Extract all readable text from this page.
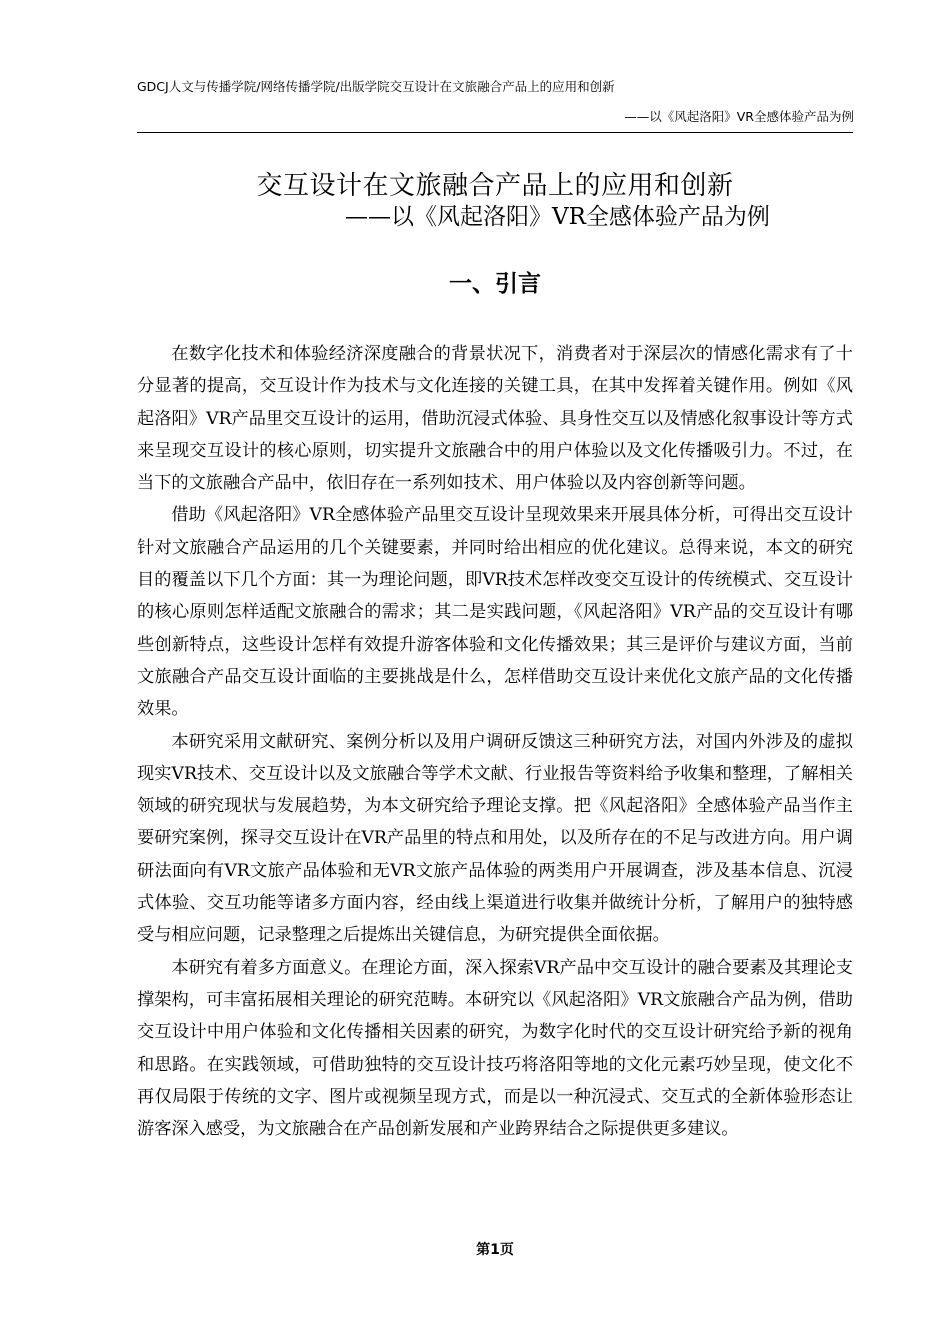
GDCJ人文与传播学院/网络传播学院/出版学院交互设计在文旅融合产品上的应用和创新
——以《风起洛阳》VR全感体验产品为例
交互设计在文旅融合产品上的应用和创新
——以《风起洛阳》VR全感体验产品为例
一、引言

在数字化技术和体验经济深度融合的背景状况下，消费者对于深层次的情感化需求有了十分显著的提高，交互设计作为技术与文化连接的关键工具，在其中发挥着关键作用。例如《风起洛阳》VR产品里交互设计的运用，借助沉浸式体验、具身性交互以及情感化叙事设计等方式来呈现交互设计的核心原则，切实提升文旅融合中的用户体验以及文化传播吸引力。不过，在当下的文旅融合产品中，依旧存在一系列如技术、用户体验以及内容创新等问题。

借助《风起洛阳》VR全感体验产品里交互设计呈现效果来开展具体分析，可得出交互设计针对文旅融合产品运用的几个关键要素，并同时给出相应的优化建议。总得来说，本文的研究目的覆盖以下几个方面：其一为理论问题，即VR技术怎样改变交互设计的传统模式、交互设计的核心原则怎样适配文旅融合的需求；其二是实践问题，《风起洛阳》VR产品的交互设计有哪些创新特点，这些设计怎样有效提升游客体验和文化传播效果；其三是评价与建议方面，当前文旅融合产品交互设计面临的主要挑战是什么，怎样借助交互设计来优化文旅产品的文化传播效果。

本研究采用文献研究、案例分析以及用户调研反馈这三种研究方法，对国内外涉及的虚拟现实VR技术、交互设计以及文旅融合等学术文献、行业报告等资料给予收集和整理，了解相关领域的研究现状与发展趋势，为本文研究给予理论支撑。把《风起洛阳》全感体验产品当作主要研究案例，探寻交互设计在VR产品里的特点和用处，以及所存在的不足与改进方向。用户调研法面向有VR文旅产品体验和无VR文旅产品体验的两类用户开展调查，涉及基本信息、沉浸式体验、交互功能等诸多方面内容，经由线上渠道进行收集并做统计分析，了解用户的独特感受与相应问题，记录整理之后提炼出关键信息，为研究提供全面依据。

本研究有着多方面意义。在理论方面，深入探索VR产品中交互设计的融合要素及其理论支撑架构，可丰富拓展相关理论的研究范畴。本研究以《风起洛阳》VR文旅融合产品为例，借助交互设计中用户体验和文化传播相关因素的研究，为数字化时代的交互设计研究给予新的视角和思路。在实践领域，可借助独特的交互设计技巧将洛阳等地的文化元素巧妙呈现，使文化不再仅局限于传统的文字、图片或视频呈现方式，而是以一种沉浸式、交互式的全新体验形态让游客深入感受，为文旅融合在产品创新发展和产业跨界结合之际提供更多建议。

第1页
